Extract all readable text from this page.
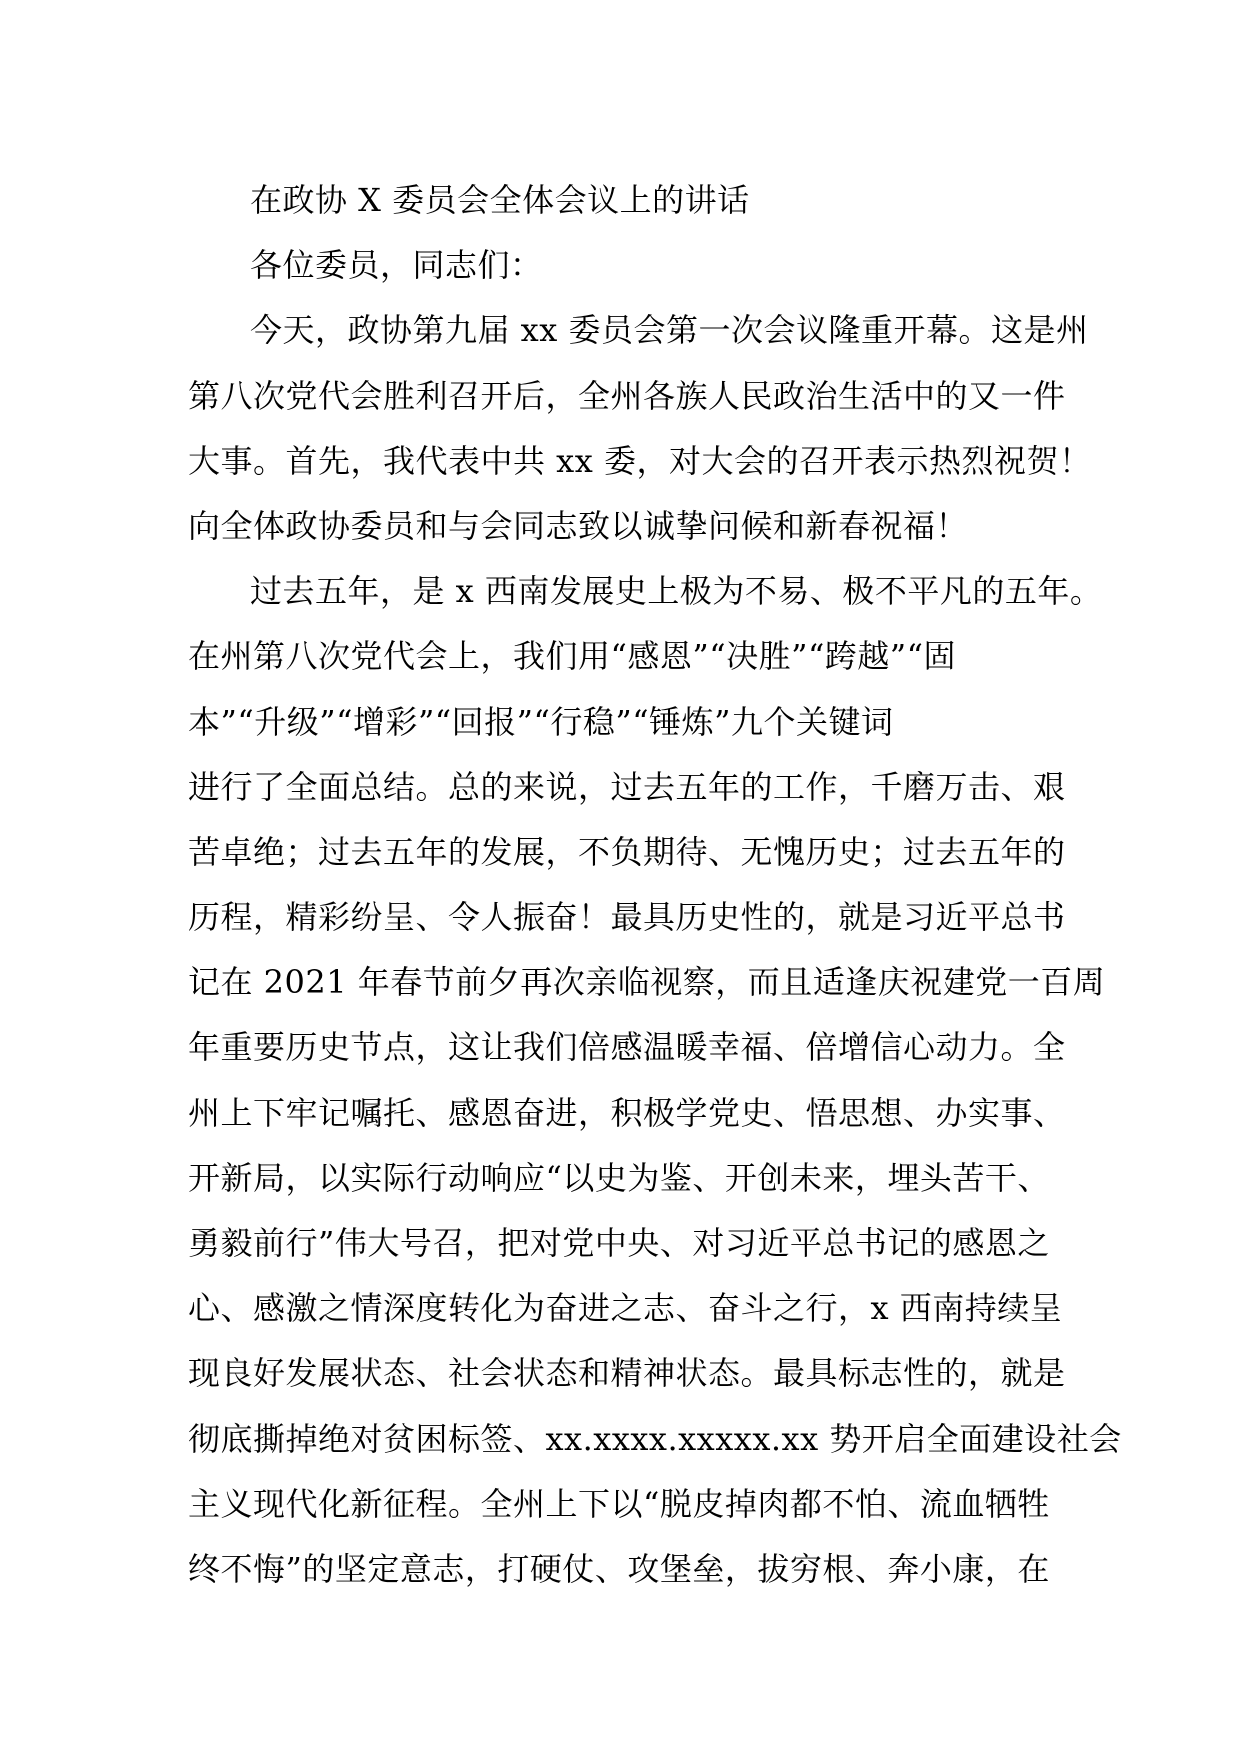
在政协 X 委员会全体会议上的讲话
各位委员，同志们：
今天，政协第九届 xx 委员会第一次会议隆重开幕。这是州
第八次党代会胜利召开后，全州各族人民政治生活中的又一件
大事。首先，我代表中共 xx 委，对大会的召开表示热烈祝贺！
向全体政协委员和与会同志致以诚挚问候和新春祝福！
过去五年，是 x 西南发展史上极为不易、极不平凡的五年。
在州第八次党代会上，我们用“感恩”“决胜”“跨越”“固
本”“升级”“增彩”“回报”“行稳”“锤炼”九个关键词
进行了全面总结。总的来说，过去五年的工作，千磨万击、艰
苦卓绝；过去五年的发展，不负期待、无愧历史；过去五年的
历程，精彩纷呈、令人振奋！最具历史性的，就是习近平总书
记在 2021 年春节前夕再次亲临视察，而且适逢庆祝建党一百周
年重要历史节点，这让我们倍感温暖幸福、倍增信心动力。全
州上下牢记嘱托、感恩奋进，积极学党史、悟思想、办实事、
开新局，以实际行动响应“以史为鉴、开创未来，埋头苦干、
勇毅前行”伟大号召，把对党中央、对习近平总书记的感恩之
心、感激之情深度转化为奋进之志、奋斗之行，x 西南持续呈
现良好发展状态、社会状态和精神状态。最具标志性的，就是
彻底撕掉绝对贫困标签、xx.xxxx.xxxxx.xx 势开启全面建设社会
主义现代化新征程。全州上下以“脱皮掉肉都不怕、流血牺牲
终不悔”的坚定意志，打硬仗、攻堡垒，拔穷根、奔小康，在
